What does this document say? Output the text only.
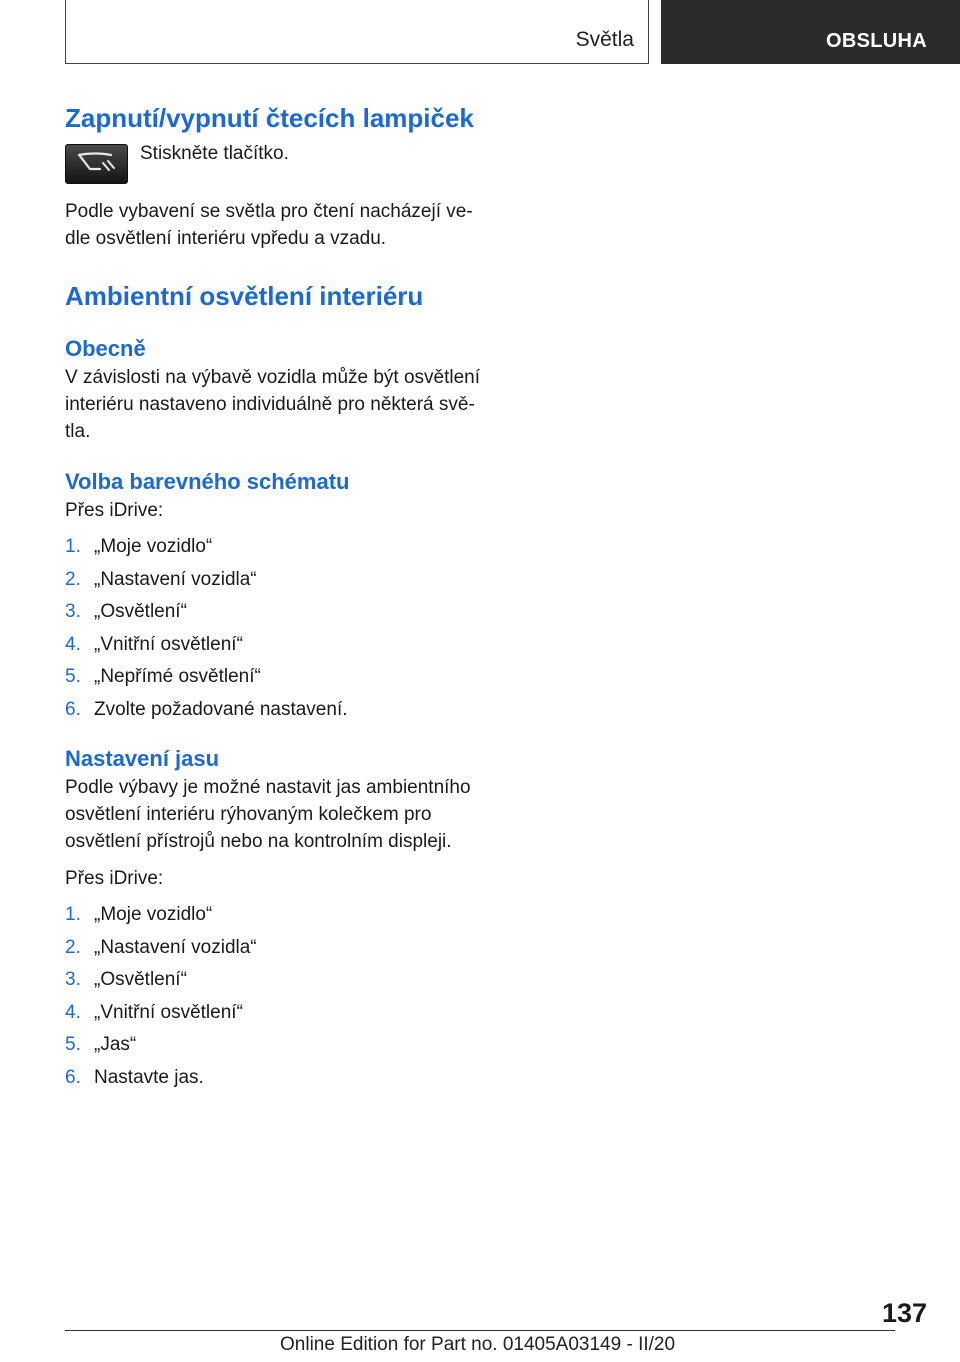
Světla	OBSLUHA
Zapnutí/vypnutí čtecích lampiček

Stiskněte tlačítko.

Podle vybavení se světla pro čtení nacházejí ve-
dle osvětlení interiéru vpředu a vzadu.

Ambientní osvětlení interiéru
Obecně

V závislosti na výbavě vozidla může být osvětlení
interiéru nastaveno individuálně pro některá svě-
tla.

Volba barevného schématu

Přes iDrive:

1. „Moje vozidlo“
2. „Nastavení vozidla“
3. „Osvětlení“
4. „Vnitřní osvětlení“
5. „Nepřímé osvětlení“
6. Zvolte požadované nastavení.
Nastavení jasu

Podle výbavy je možné nastavit jas ambientního
osvětlení interiéru rýhovaným kolečkem pro
osvětlení přístrojů nebo na kontrolním displeji.

Přes iDrive:

1. „Moje vozidlo“
2. „Nastavení vozidla“
3. „Osvětlení“
4. „Vnitřní osvětlení“
5. „Jas“
6. Nastavte jas.
137
Online Edition for Part no. 01405A03149 - II/20
